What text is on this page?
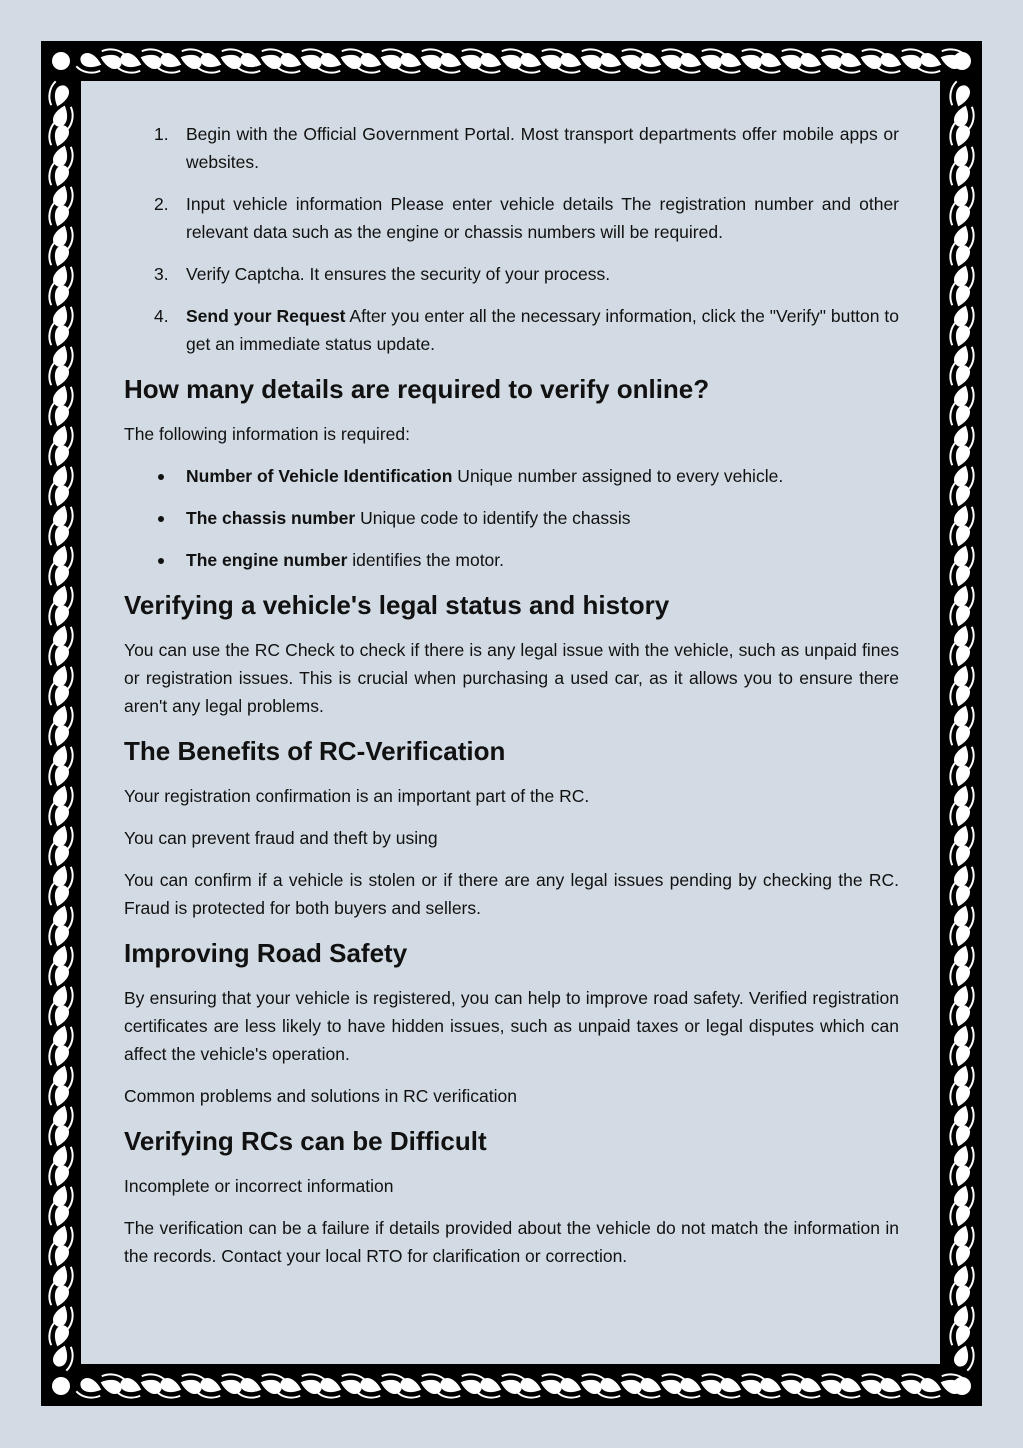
1. Begin with the Official Government Portal. Most transport departments offer mobile apps or websites.
2. Input vehicle information Please enter vehicle details The registration number and other relevant data such as the engine or chassis numbers will be required.
3. Verify Captcha. It ensures the security of your process.
4. Send your Request After you enter all the necessary information, click the "Verify" button to get an immediate status update.
How many details are required to verify online?

The following information is required:

Number of Vehicle Identification Unique number assigned to every vehicle.
The chassis number Unique code to identify the chassis
The engine number identifies the motor.
Verifying a vehicle's legal status and history

You can use the RC Check to check if there is any legal issue with the vehicle, such as unpaid fines or registration issues. This is crucial when purchasing a used car, as it allows you to ensure there aren't any legal problems.

The Benefits of RC-Verification

Your registration confirmation is an important part of the RC.

You can prevent fraud and theft by using

You can confirm if a vehicle is stolen or if there are any legal issues pending by checking the RC. Fraud is protected for both buyers and sellers.

Improving Road Safety

By ensuring that your vehicle is registered, you can help to improve road safety. Verified registration certificates are less likely to have hidden issues, such as unpaid taxes or legal disputes which can affect the vehicle's operation.

Common problems and solutions in RC verification

Verifying RCs can be Difficult

Incomplete or incorrect information

The verification can be a failure if details provided about the vehicle do not match the information in the records. Contact your local RTO for clarification or correction.
